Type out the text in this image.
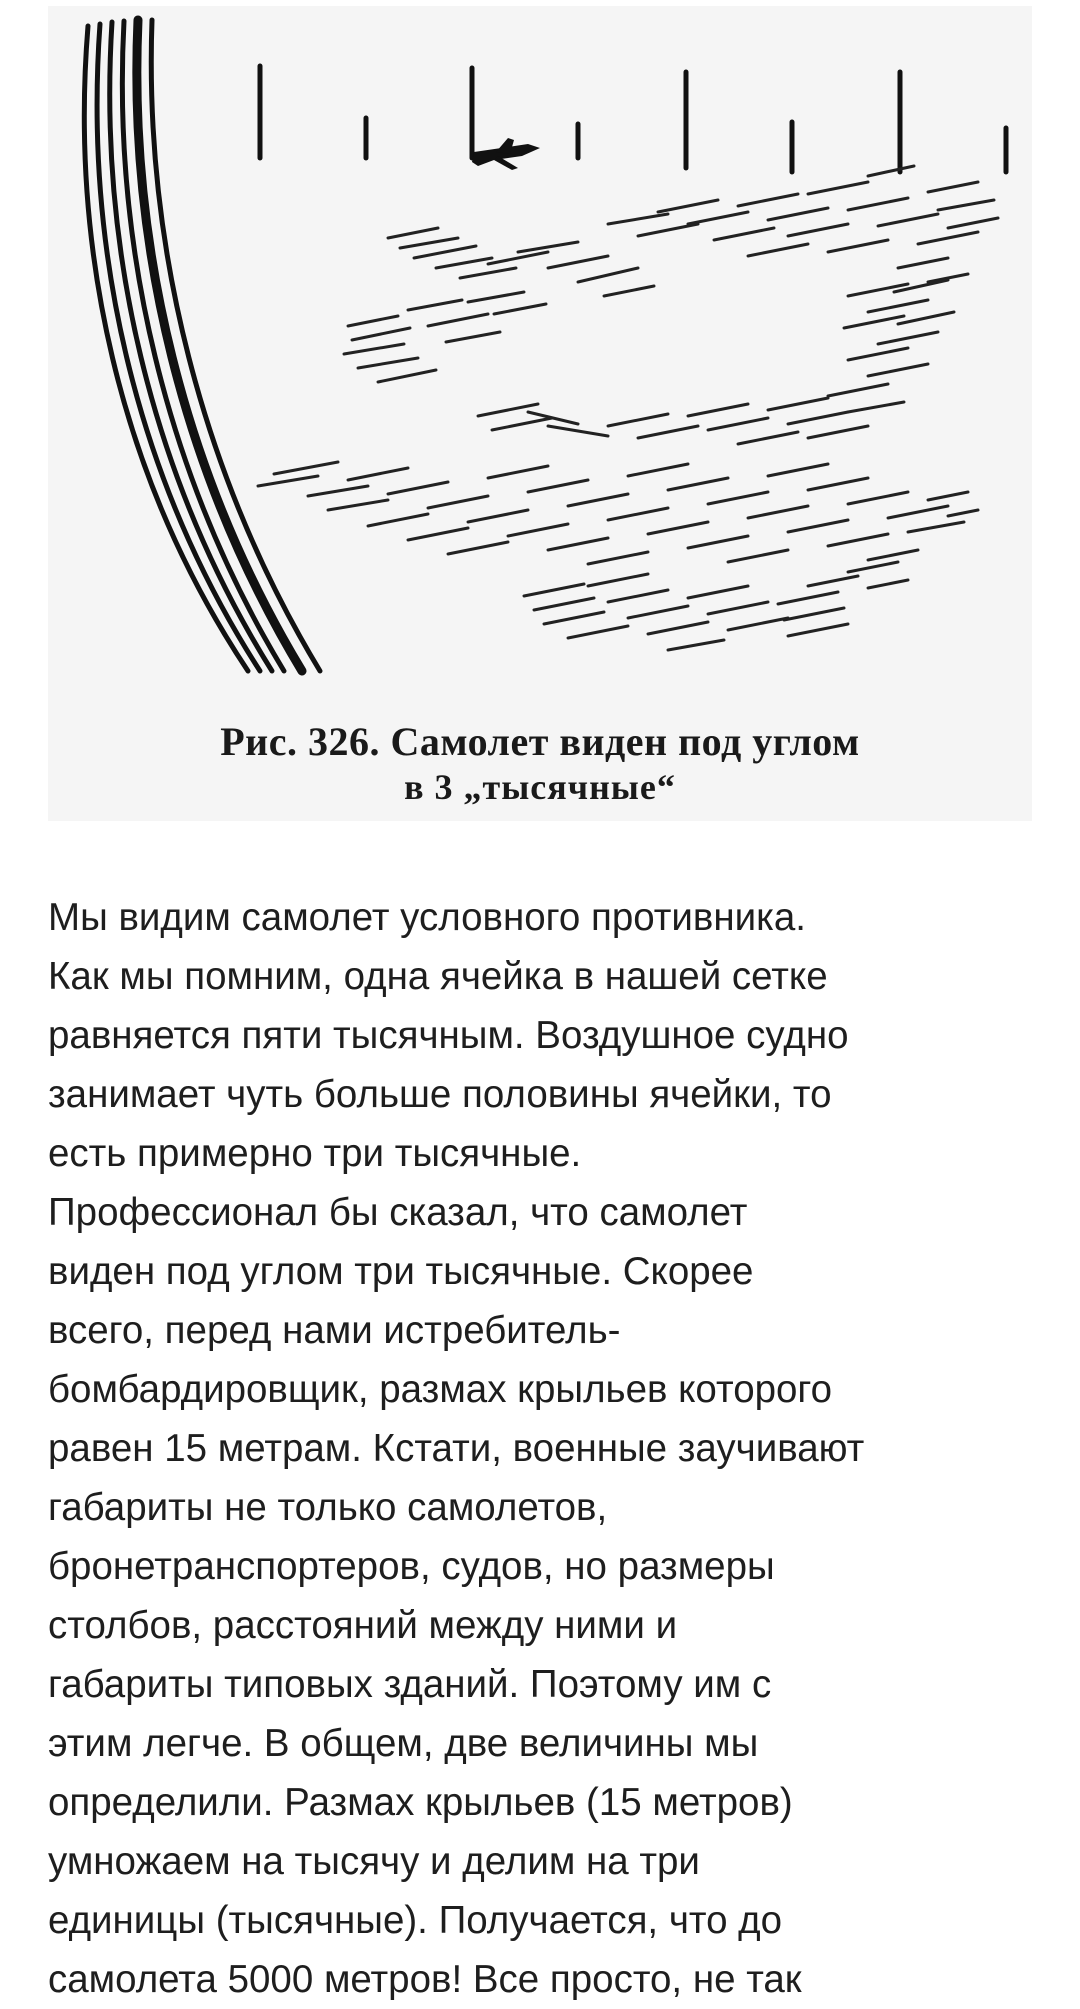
Рис. 326. Самолет виден под углом

в 3 „тысячные“

Мы видим самолет условного противника.
Как мы помним, одна ячейка в нашей сетке
равняется пяти тысячным. Воздушное судно
занимает чуть больше половины ячейки, то
есть примерно три тысячные.
Профессионал бы сказал, что самолет
виден под углом три тысячные. Скорее
всего, перед нами истребитель-
бомбардировщик, размах крыльев которого
равен 15 метрам. Кстати, военные заучивают
габариты не только самолетов,
бронетранспортеров, судов, но размеры
столбов, расстояний между ними и
габариты типовых зданий. Поэтому им с
этим легче. В общем, две величины мы
определили. Размах крыльев (15 метров)
умножаем на тысячу и делим на три
единицы (тысячные). Получается, что до
самолета 5000 метров! Все просто, не так
